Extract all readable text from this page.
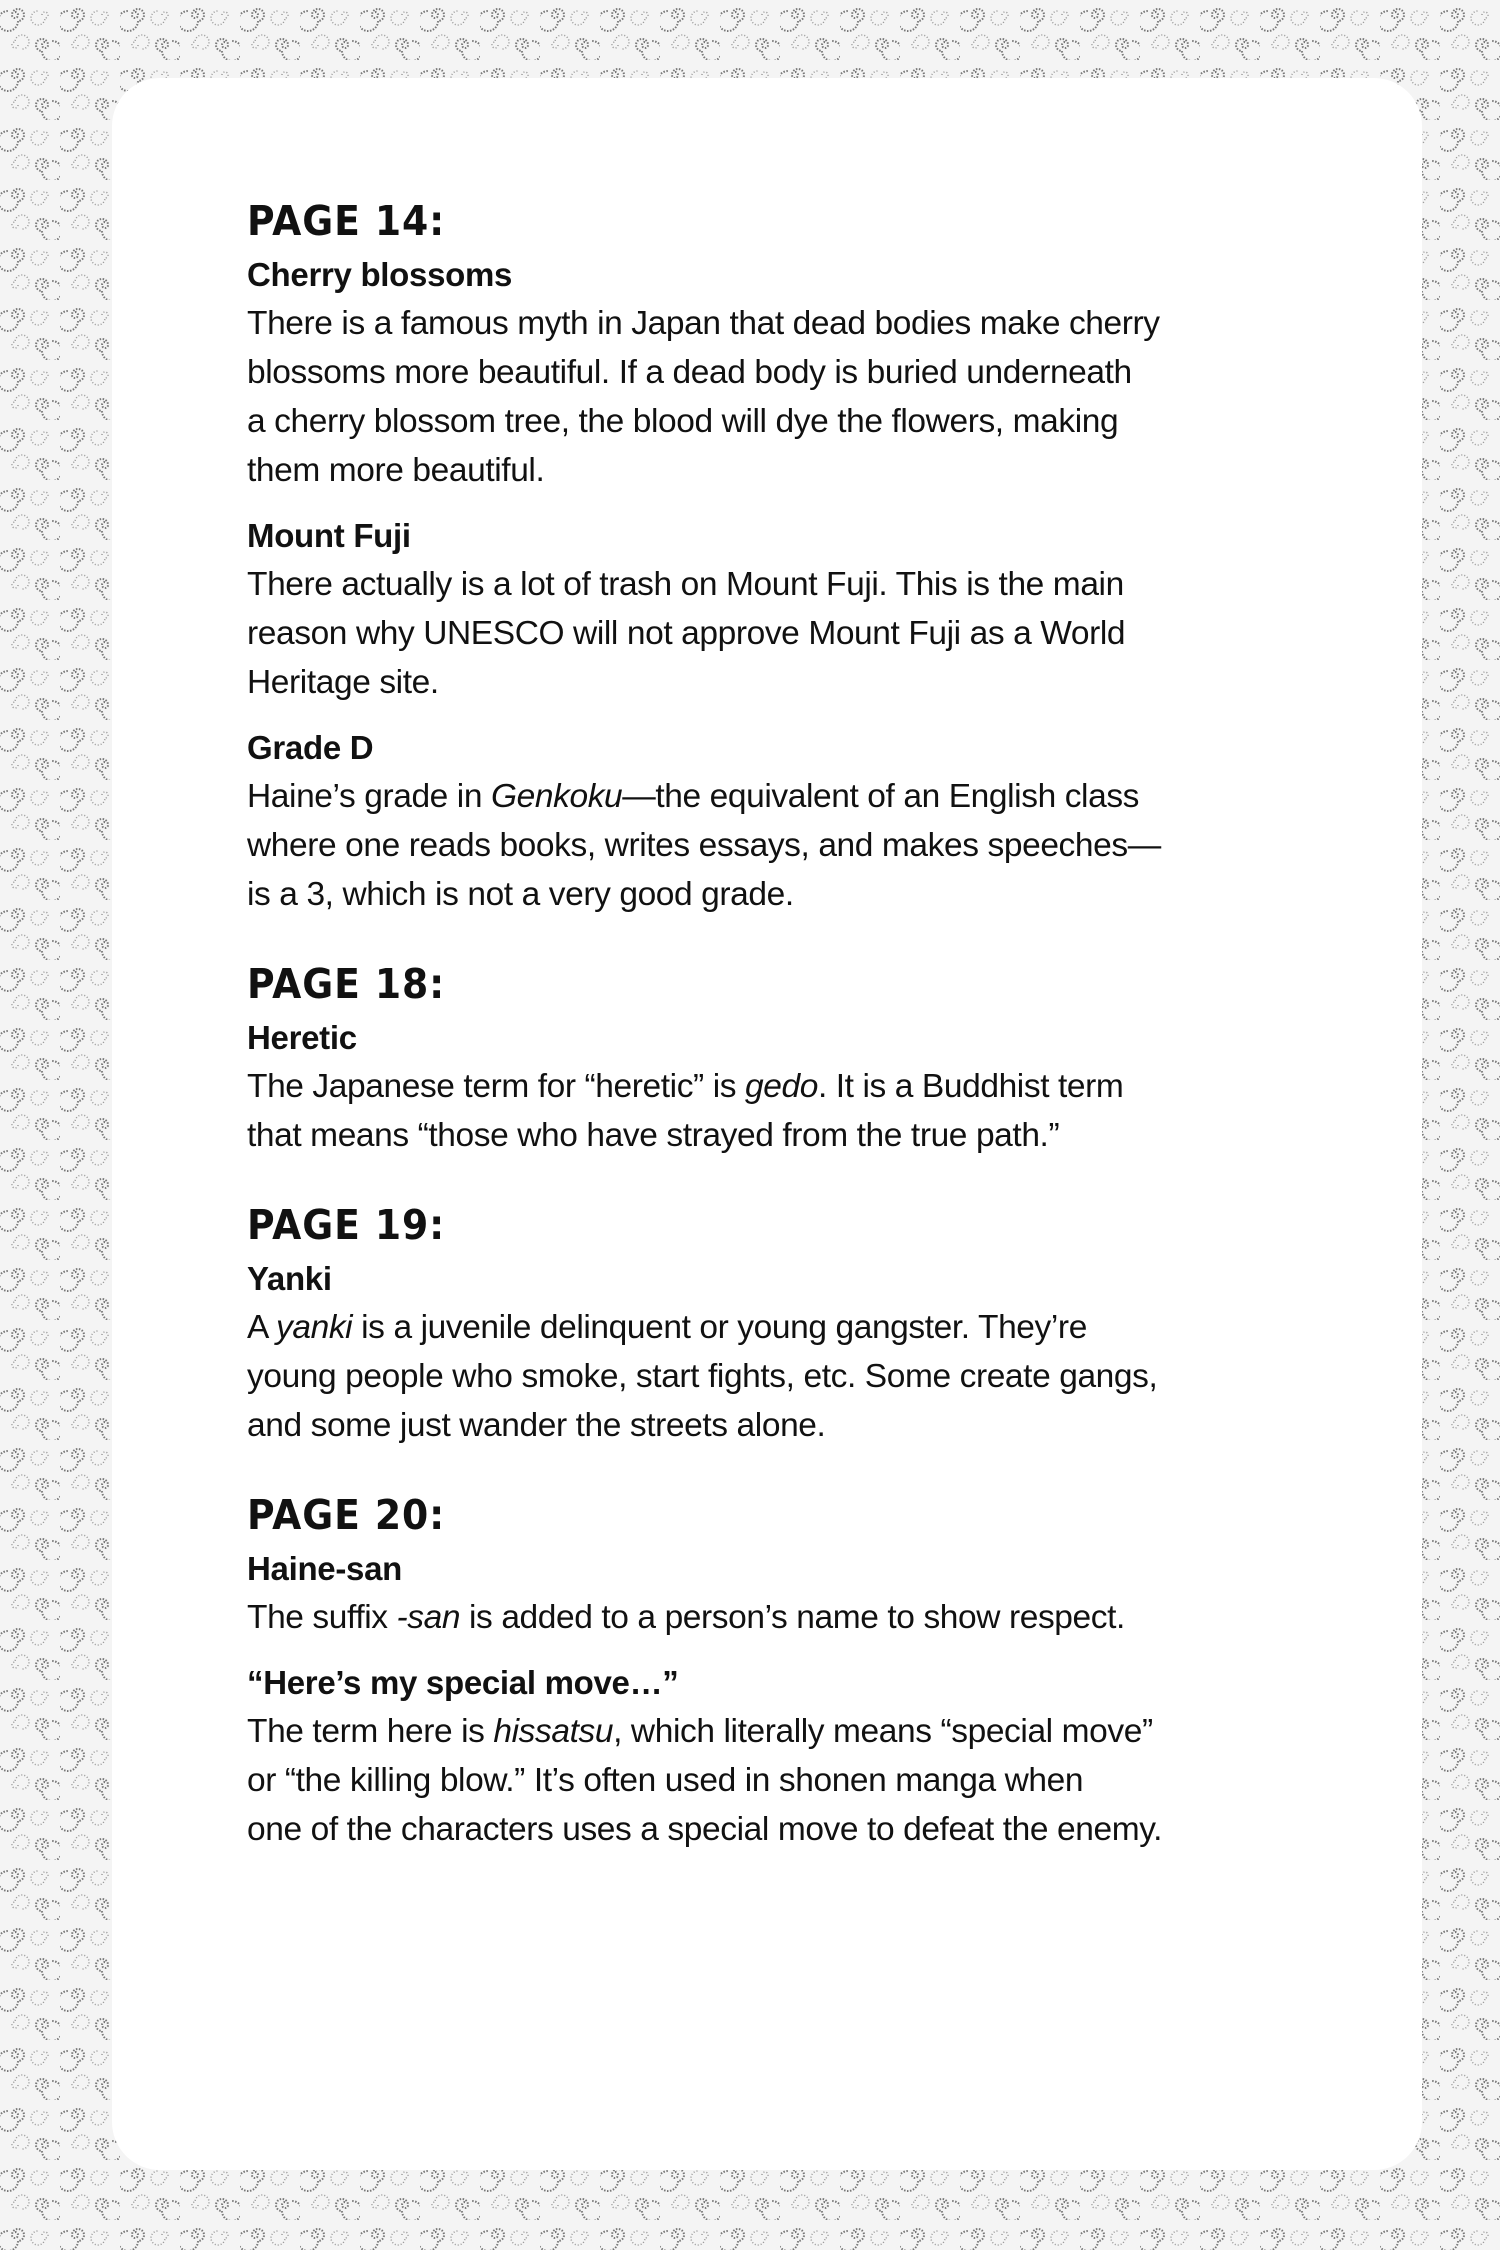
PAGE 14:
Cherry blossoms
There is a famous myth in Japan that dead bodies make cherry
blossoms more beautiful. If a dead body is buried underneath
a cherry blossom tree, the blood will dye the flowers, making
them more beautiful.
Mount Fuji
There actually is a lot of trash on Mount Fuji. This is the main
reason why UNESCO will not approve Mount Fuji as a World
Heritage site.
Grade D
Haine’s grade in Genkoku—the equivalent of an English class
where one reads books, writes essays, and makes speeches—
is a 3, which is not a very good grade.
PAGE 18:
Heretic
The Japanese term for “heretic” is gedo. It is a Buddhist term
that means “those who have strayed from the true path.”
PAGE 19:
Yanki
A yanki is a juvenile delinquent or young gangster. They’re
young people who smoke, start fights, etc. Some create gangs,
and some just wander the streets alone.
PAGE 20:
Haine-san
The suffix -san is added to a person’s name to show respect.
“Here’s my special move…”
The term here is hissatsu, which literally means “special move”
or “the killing blow.” It’s often used in shonen manga when
one of the characters uses a special move to defeat the enemy.
